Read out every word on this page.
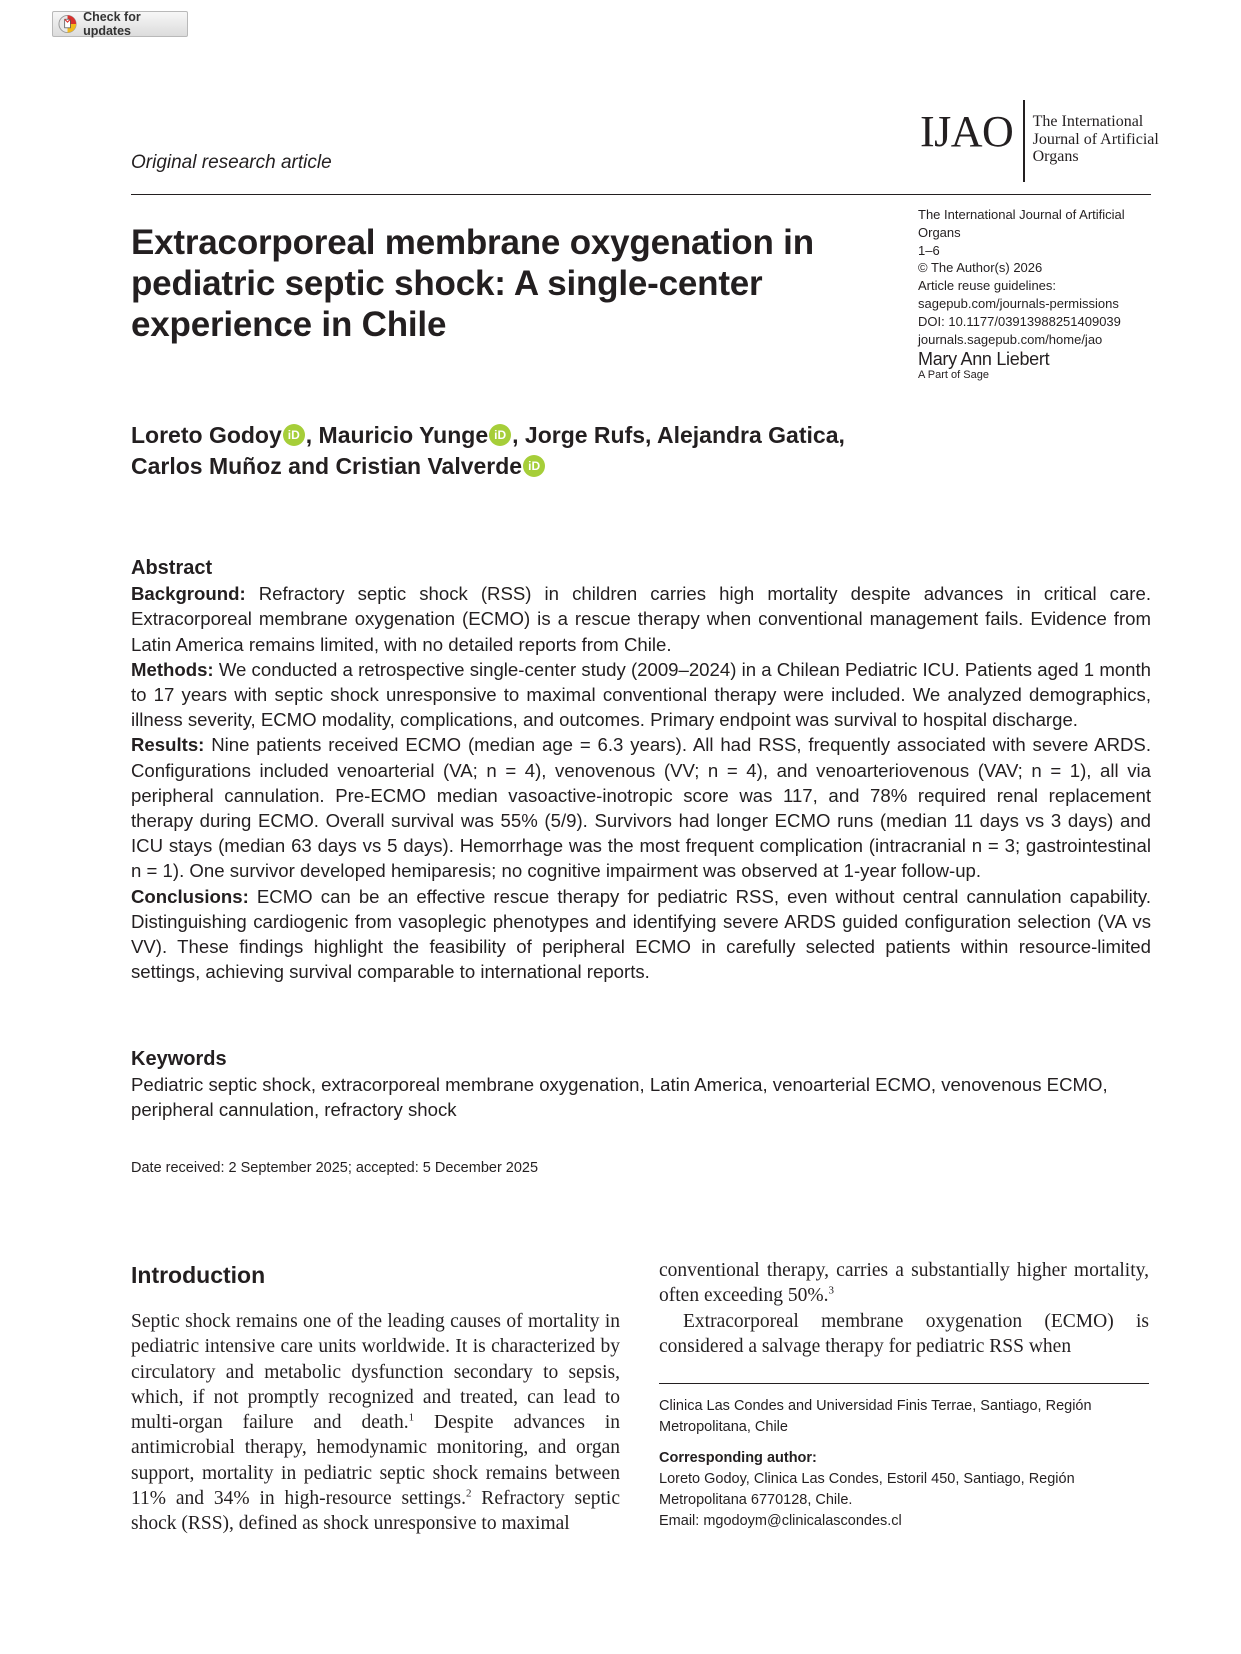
Check for updates
Original research article
IJAO The International
Journal of Artificial
Organs
The International Journal of Artificial
Organs
1–6
© The Author(s) 2026
Article reuse guidelines:
sagepub.com/journals-permissions
DOI: 10.1177/03913988251409039
journals.sagepub.com/home/jao
Mary Ann Liebert
A Part of Sage
Extracorporeal membrane oxygenation in pediatric septic shock: A single-center experience in Chile
Loreto Godoy iD , Mauricio Yunge iD , Jorge Rufs, Alejandra Gatica,
Carlos Muñoz and Cristian Valverde iD
Abstract

Background: Refractory septic shock (RSS) in children carries high mortality despite advances in critical care. Extracorporeal membrane oxygenation (ECMO) is a rescue therapy when conventional management fails. Evidence from Latin America remains limited, with no detailed reports from Chile.

Methods: We conducted a retrospective single-center study (2009–2024) in a Chilean Pediatric ICU. Patients aged 1 month to 17 years with septic shock unresponsive to maximal conventional therapy were included. We analyzed demographics, illness severity, ECMO modality, complications, and outcomes. Primary endpoint was survival to hospital discharge.

Results: Nine patients received ECMO (median age = 6.3 years). All had RSS, frequently associated with severe ARDS. Configurations included venoarterial (VA; n = 4), venovenous (VV; n = 4), and venoarteriovenous (VAV; n = 1), all via peripheral cannulation. Pre-ECMO median vasoactive-inotropic score was 117, and 78% required renal replacement therapy during ECMO. Overall survival was 55% (5/9). Survivors had longer ECMO runs (median 11 days vs 3 days) and ICU stays (median 63 days vs 5 days). Hemorrhage was the most frequent complication (intracranial n = 3; gastrointestinal n = 1). One survivor developed hemiparesis; no cognitive impairment was observed at 1-year follow-up.

Conclusions: ECMO can be an effective rescue therapy for pediatric RSS, even without central cannulation capability. Distinguishing cardiogenic from vasoplegic phenotypes and identifying severe ARDS guided configuration selection (VA vs VV). These findings highlight the feasibility of peripheral ECMO in carefully selected patients within resource-limited settings, achieving survival comparable to international reports.

Keywords
Pediatric septic shock, extracorporeal membrane oxygenation, Latin America, venoarterial ECMO, venovenous ECMO, peripheral cannulation, refractory shock
Date received: 2 September 2025; accepted: 5 December 2025
Introduction

Septic shock remains one of the leading causes of mortality in pediatric intensive care units worldwide. It is characterized by circulatory and metabolic dysfunction secondary to sepsis, which, if not promptly recognized and treated, can lead to multi-organ failure and death.$^1$ Despite advances in antimicrobial therapy, hemodynamic monitoring, and organ support, mortality in pediatric septic shock remains between 11% and 34% in high-resource settings.$^2$ Refractory septic shock (RSS), defined as shock unresponsive to maximal

conventional therapy, carries a substantially higher mortality, often exceeding 50%.$^3$

Extracorporeal membrane oxygenation (ECMO) is considered a salvage therapy for pediatric RSS when

Clinica Las Condes and Universidad Finis Terrae, Santiago, Región Metropolitana, Chile
Corresponding author:
Loreto Godoy, Clinica Las Condes, Estoril 450, Santiago, Región Metropolitana 6770128, Chile.
Email: mgodoym@clinicalascondes.cl
